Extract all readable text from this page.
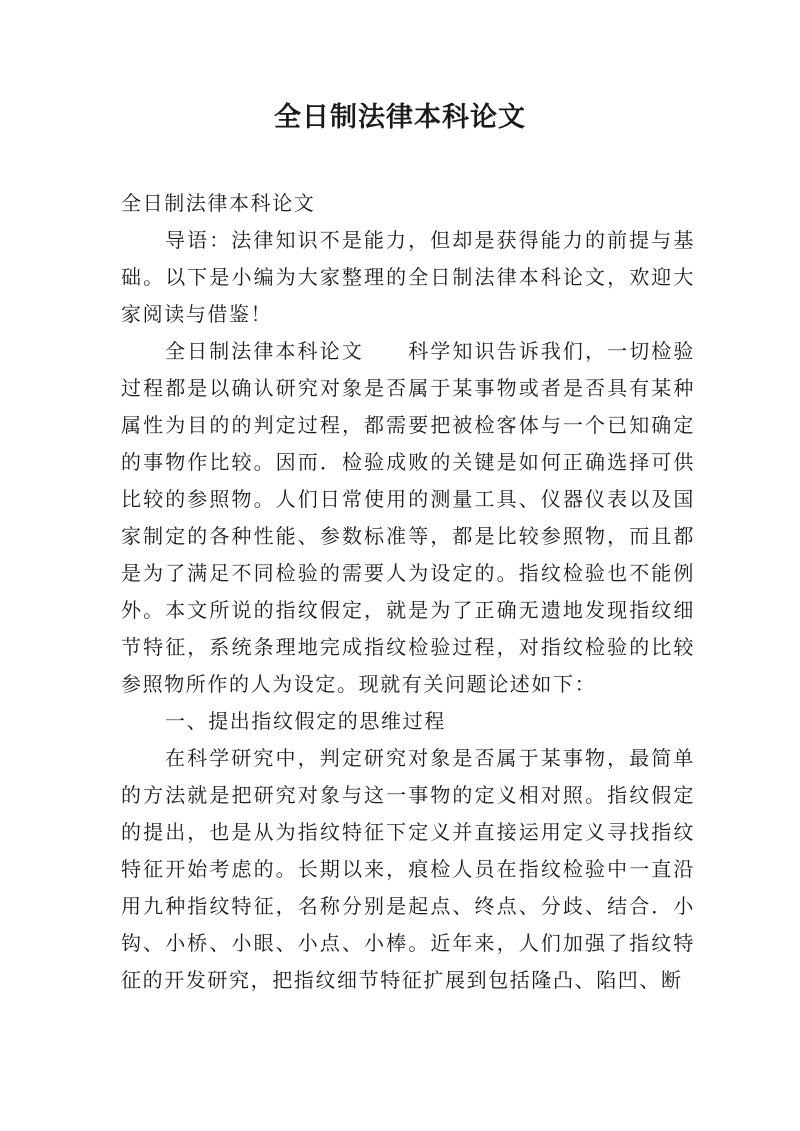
全日制法律本科论文

全日制法律本科论文

导语：法律知识不是能力，但却是获得能力的前提与基础。以下是小编为大家整理的全日制法律本科论文，欢迎大家阅读与借鉴！

全日制法律本科论文 科学知识告诉我们，一切检验过程都是以确认研究对象是否属于某事物或者是否具有某种属性为目的的判定过程，都需要把被检客体与一个已知确定的事物作比较。因而．检验成败的关键是如何正确选择可供比较的参照物。人们日常使用的测量工具、仪器仪表以及国家制定的各种性能、参数标准等，都是比较参照物，而且都是为了满足不同检验的需要人为设定的。指纹检验也不能例外。本文所说的指纹假定，就是为了正确无遗地发现指纹细节特征，系统条理地完成指纹检验过程，对指纹检验的比较参照物所作的人为设定。现就有关问题论述如下：

一、提出指纹假定的思维过程

在科学研究中，判定研究对象是否属于某事物，最简单的方法就是把研究对象与这一事物的定义相对照。指纹假定的提出，也是从为指纹特征下定义并直接运用定义寻找指纹特征开始考虑的。长期以来，痕检人员在指纹检验中一直沿用九种指纹特征，名称分别是起点、终点、分歧、结合．小钩、小桥、小眼、小点、小棒。近年来，人们加强了指纹特征的开发研究，把指纹细节特征扩展到包括隆凸、陷凹、断
